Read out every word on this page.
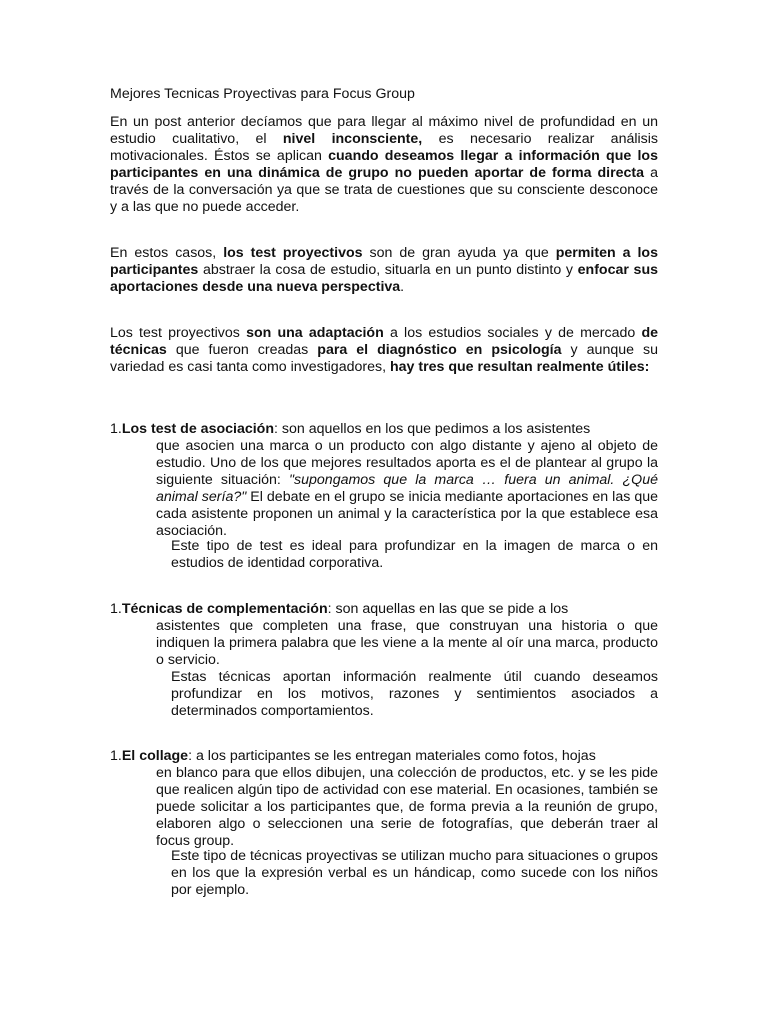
Mejores Tecnicas Proyectivas para Focus Group
En un post anterior decíamos que para llegar al máximo nivel de profundidad en un estudio cualitativo, el nivel inconsciente, es necesario realizar análisis motivacionales. Éstos se aplican cuando deseamos llegar a información que los participantes en una dinámica de grupo no pueden aportar de forma directa a través de la conversación ya que se trata de cuestiones que su consciente desconoce y a las que no puede acceder.
En estos casos, los test proyectivos son de gran ayuda ya que permiten a los participantes abstraer la cosa de estudio, situarla en un punto distinto y enfocar sus aportaciones desde una nueva perspectiva.
Los test proyectivos son una adaptación a los estudios sociales y de mercado de técnicas que fueron creadas para el diagnóstico en psicología y aunque su variedad es casi tanta como investigadores, hay tres que resultan realmente útiles:
1.Los test de asociación: son aquellos en los que pedimos a los asistentes
que asocien una marca o un producto con algo distante y ajeno al objeto de estudio. Uno de los que mejores resultados aporta es el de plantear al grupo la siguiente situación: "supongamos que la marca … fuera un animal. ¿Qué animal sería?" El debate en el grupo se inicia mediante aportaciones en las que cada asistente proponen un animal y la característica por la que establece esa asociación.
Este tipo de test es ideal para profundizar en la imagen de marca o en estudios de identidad corporativa.
1.Técnicas de complementación: son aquellas en las que se pide a los
asistentes que completen una frase, que construyan una historia o que indiquen la primera palabra que les viene a la mente al oír una marca, producto o servicio.
Estas técnicas aportan información realmente útil cuando deseamos profundizar en los motivos, razones y sentimientos asociados a determinados comportamientos.
1.El collage: a los participantes se les entregan materiales como fotos, hojas
en blanco para que ellos dibujen, una colección de productos, etc. y se les pide que realicen algún tipo de actividad con ese material. En ocasiones, también se puede solicitar a los participantes que, de forma previa a la reunión de grupo, elaboren algo o seleccionen una serie de fotografías, que deberán traer al focus group.
Este tipo de técnicas proyectivas se utilizan mucho para situaciones o grupos en los que la expresión verbal es un hándicap, como sucede con los niños por ejemplo.
